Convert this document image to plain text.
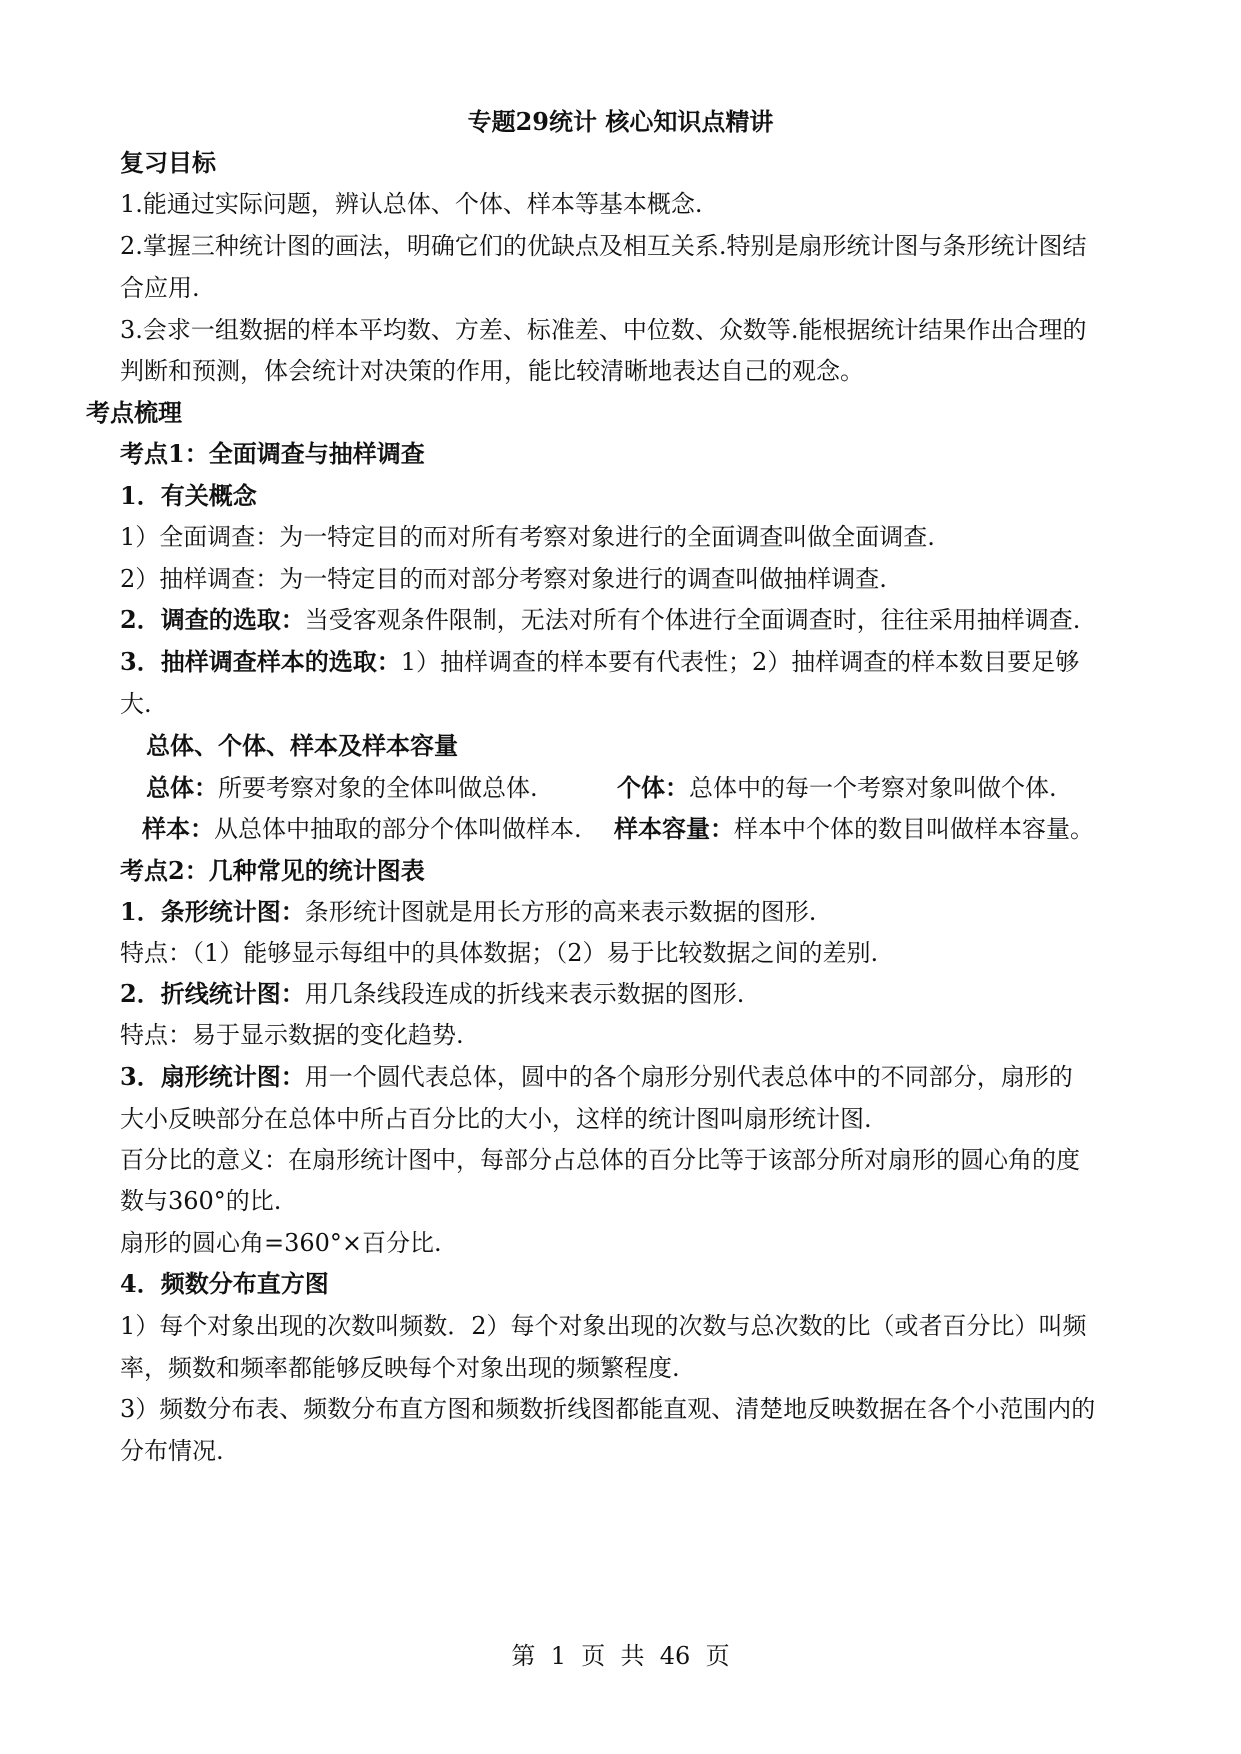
专题29统计 核心知识点精讲
复习目标
1.能通过实际问题，辨认总体、个体、样本等基本概念.
2.掌握三种统计图的画法，明确它们的优缺点及相互关系.特别是扇形统计图与条形统计图结
合应用.
3.会求一组数据的样本平均数、方差、标准差、中位数、众数等.能根据统计结果作出合理的
判断和预测，体会统计对决策的作用，能比较清晰地表达自己的观念。
考点梳理
考点1：全面调查与抽样调查
1．有关概念
1）全面调查：为一特定目的而对所有考察对象进行的全面调查叫做全面调查.
2）抽样调查：为一特定目的而对部分考察对象进行的调查叫做抽样调查.
2．调查的选取：当受客观条件限制，无法对所有个体进行全面调查时，往往采用抽样调查.
3．抽样调查样本的选取：1）抽样调查的样本要有代表性；2）抽样调查的样本数目要足够
大.
总体、个体、样本及样本容量
总体：所要考察对象的全体叫做总体.	个体：总体中的每一个考察对象叫做个体.
样本：从总体中抽取的部分个体叫做样本.	样本容量：样本中个体的数目叫做样本容量。
考点2：几种常见的统计图表
1．条形统计图：条形统计图就是用长方形的高来表示数据的图形.
特点：（1）能够显示每组中的具体数据；（2）易于比较数据之间的差别.
2．折线统计图：用几条线段连成的折线来表示数据的图形.
特点：易于显示数据的变化趋势.
3．扇形统计图：用一个圆代表总体，圆中的各个扇形分别代表总体中的不同部分，扇形的
大小反映部分在总体中所占百分比的大小，这样的统计图叫扇形统计图.
百分比的意义：在扇形统计图中，每部分占总体的百分比等于该部分所对扇形的圆心角的度
数与360°的比.
扇形的圆心角=360°×百分比.
4．频数分布直方图
1）每个对象出现的次数叫频数．2）每个对象出现的次数与总次数的比（或者百分比）叫频
率，频数和频率都能够反映每个对象出现的频繁程度.
3）频数分布表、频数分布直方图和频数折线图都能直观、清楚地反映数据在各个小范围内的
分布情况.
第 1 页 共 46 页
